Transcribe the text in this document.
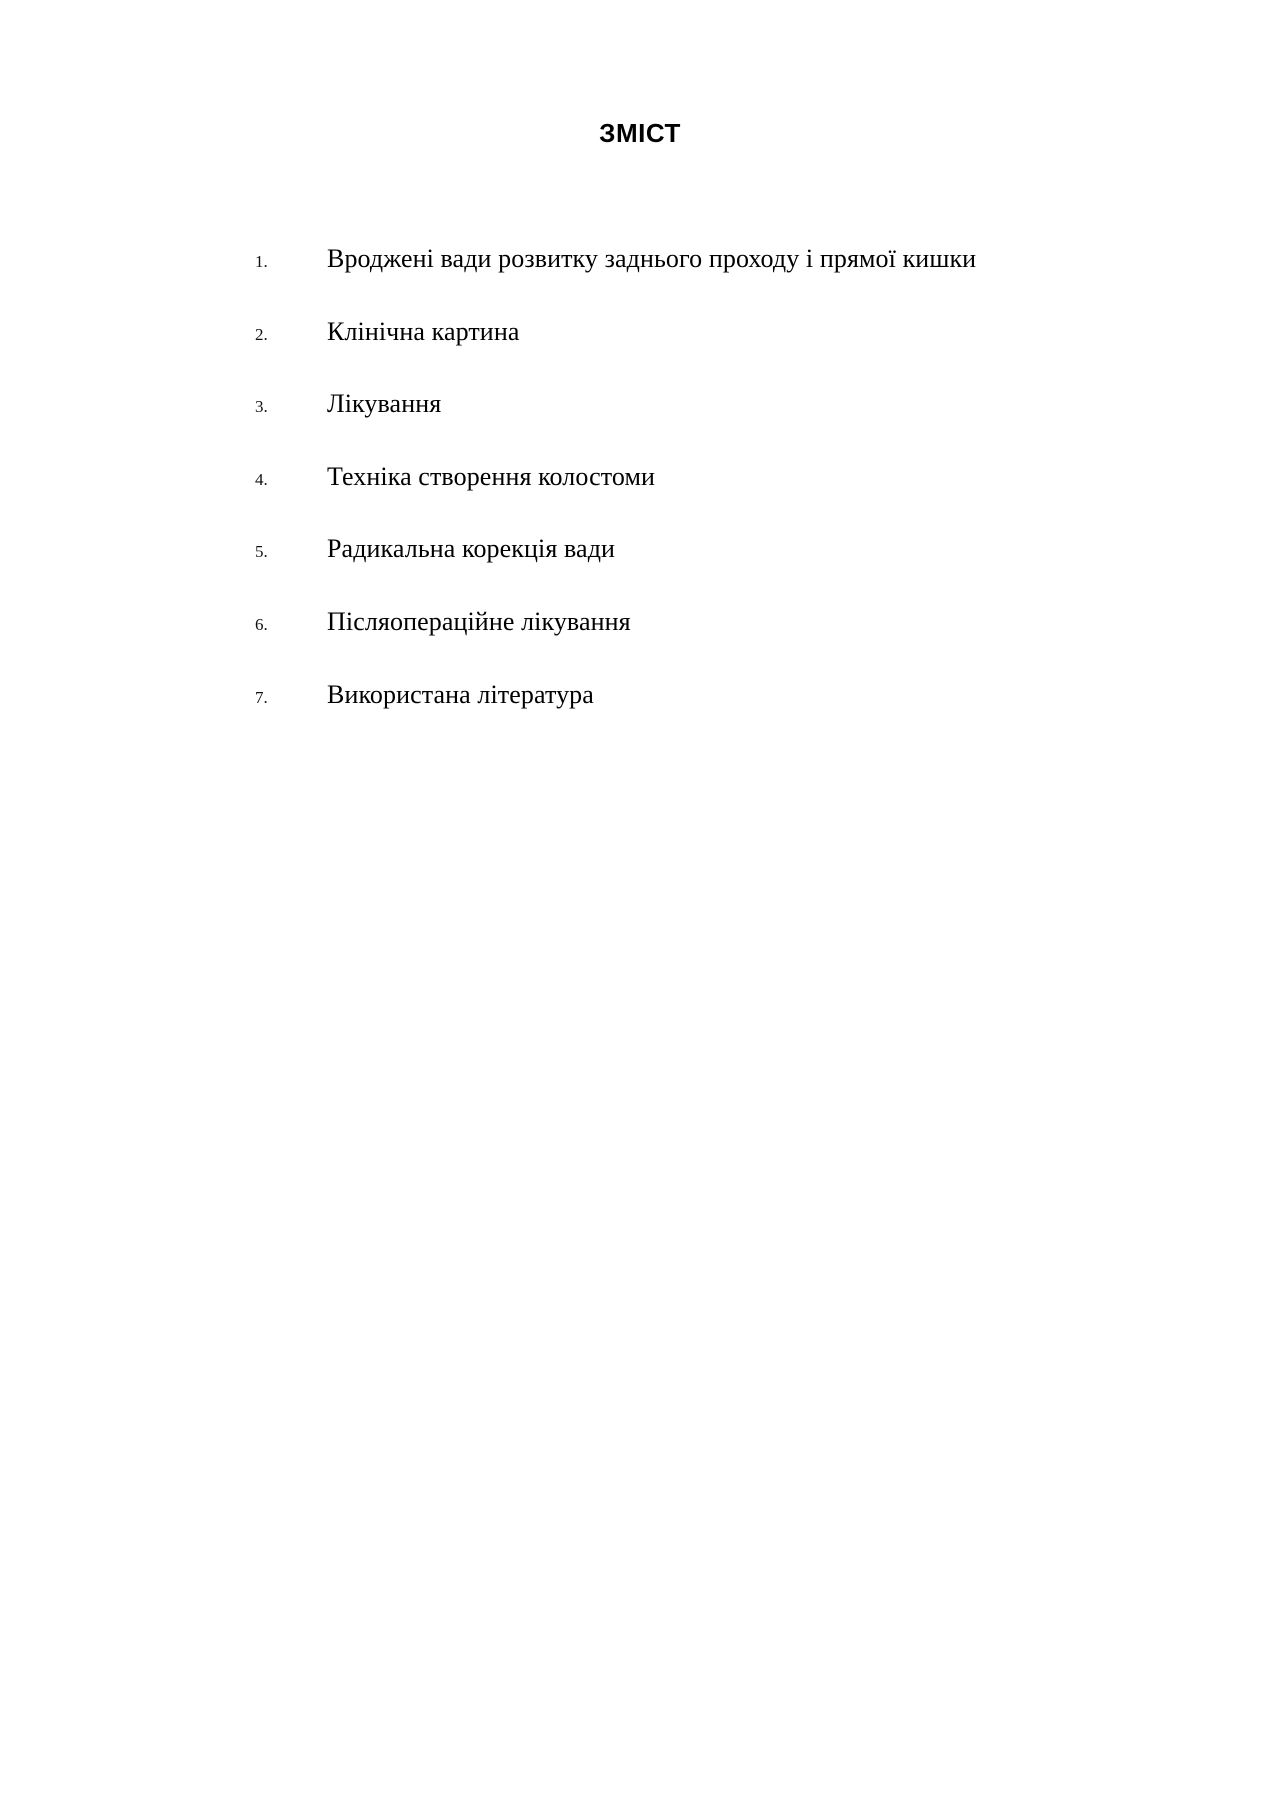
ЗМІСТ
1.	Вроджені вади розвитку заднього проходу і прямої кишки
2.	Клінічна картина
3.	Лікування
4.	Техніка створення колостоми
5.	Радикальна корекція вади
6.	Післяопераційне лікування
7.	Використана література
